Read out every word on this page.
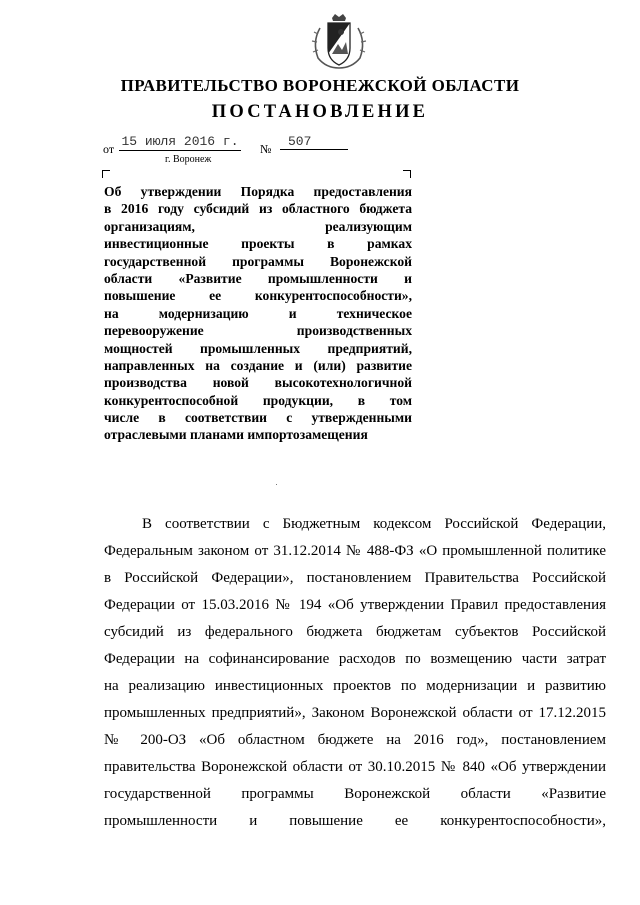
ПРАВИТЕЛЬСТВО ВОРОНЕЖСКОЙ ОБЛАСТИ
ПОСТАНОВЛЕНИЕ
от 15 июля 2016 г. №	507
г. Воронеж
Об утверждении Порядка предоставления
в 2016 году субсидий из областного бюджета
организациям, реализующим
инвестиционные проекты в рамках
государственной программы Воронежской
области «Развитие промышленности и
повышение ее конкурентоспособности»,
на модернизацию и техническое
перевооружение производственных
мощностей промышленных предприятий,
направленных на создание и (или) развитие
производства новой высокотехнологичной
конкурентоспособной продукции, в том
числе в соответствии с утвержденными
отраслевыми планами импортозамещения
В соответствии с Бюджетным кодексом Российской Федерации,
Федеральным законом от 31.12.2014 № 488-ФЗ «О промышленной политике
в Российской Федерации», постановлением Правительства Российской
Федерации от 15.03.2016 № 194 «Об утверждении Правил предоставления
субсидий из федерального бюджета бюджетам субъектов Российской
Федерации на софинансирование расходов по возмещению части затрат
на реализацию инвестиционных проектов по модернизации и развитию
промышленных предприятий», Законом Воронежской области от 17.12.2015
№ 200-ОЗ «Об областном бюджете на 2016 год», постановлением
правительства Воронежской области от 30.10.2015 № 840 «Об утверждении
государственной программы Воронежской области «Развитие
промышленности и повышение ее конкурентоспособности»,
